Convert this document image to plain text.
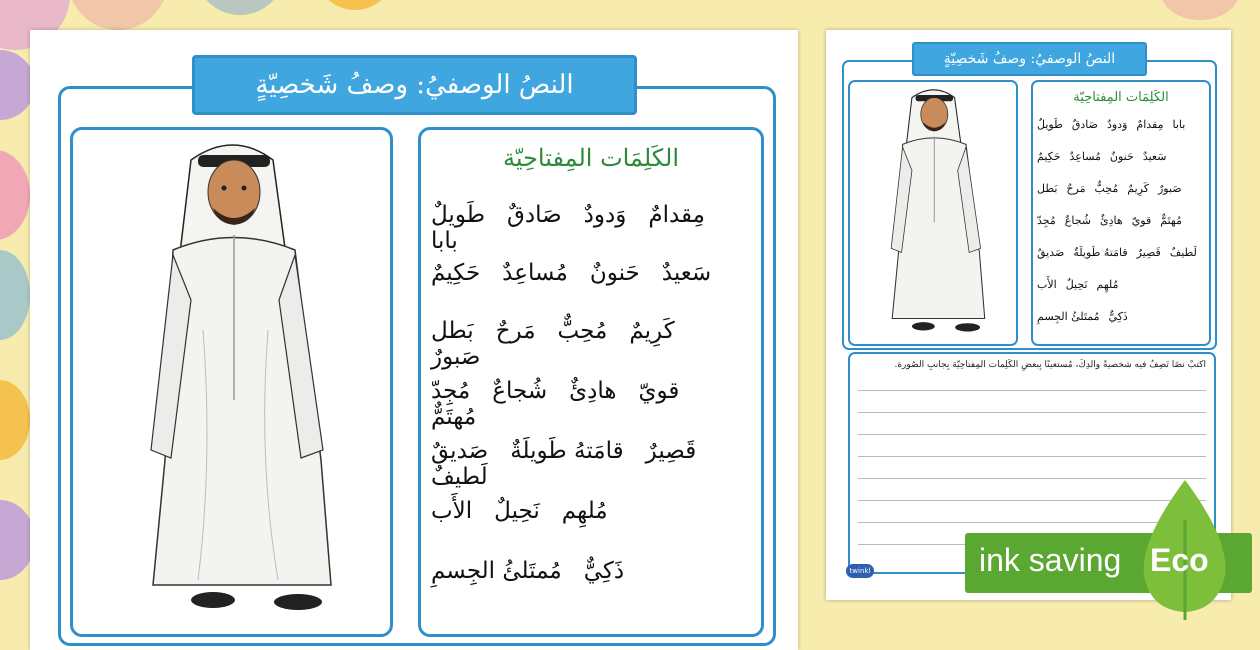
النصُ الوصفيُ: وصفُ شَخصِيّةٍ
الكَلِمَات المِفتاحِيّة
طَويلٌ صَادقٌ وَدودٌ مِقدامٌ
بابا
حَكِيمٌ مُساعِدٌ حَنونٌ سَعيدٌ
بَطل مَرحٌ مُحِبٌّ كَرِيمٌ
صَبورٌ
مُجِدّ شُجاعٌ هادِئٌ قويّ
مُهتَمٌّ
صَديقٌ قامَتهُ طَويلَةٌ قَصِيرٌ
لَطيفٌ
الأَب نَحِيلٌ مُلهِم
مُمتَلئُ الجِسمِ ذَكِيٌّ
النصُ الوصفيُ: وصفُ شَخصِيّةٍ
الكَلِمَات المِفتاحِيّة
طَويلٌ صَادقٌ وَدودٌ مِقدامٌ بابا
حَكِيمٌ مُساعِدٌ حَنونٌ سَعيدٌ
بَطل مَرحٌ مُحِبٌّ كَرِيمٌ صَبورٌ
مُجِدّ شُجاعٌ هادِئٌ قويّ مُهتَمٌّ
صَديقٌ قامَتهُ طَويلَةٌ قَصِيرٌ لَطيفٌ
الأَب نَحِيلٌ مُلهِم
مُمتَلئُ الجِسمِ ذَكِيٌّ
اكتبْ نصًا تَصِفُ فيه شخصيةً والدِكَ، مُستعينًا بِبعضِ الكَلِمات المِفتاحِيّة بِجانبِ الصُورة.
twinkl	ink saving Eco
